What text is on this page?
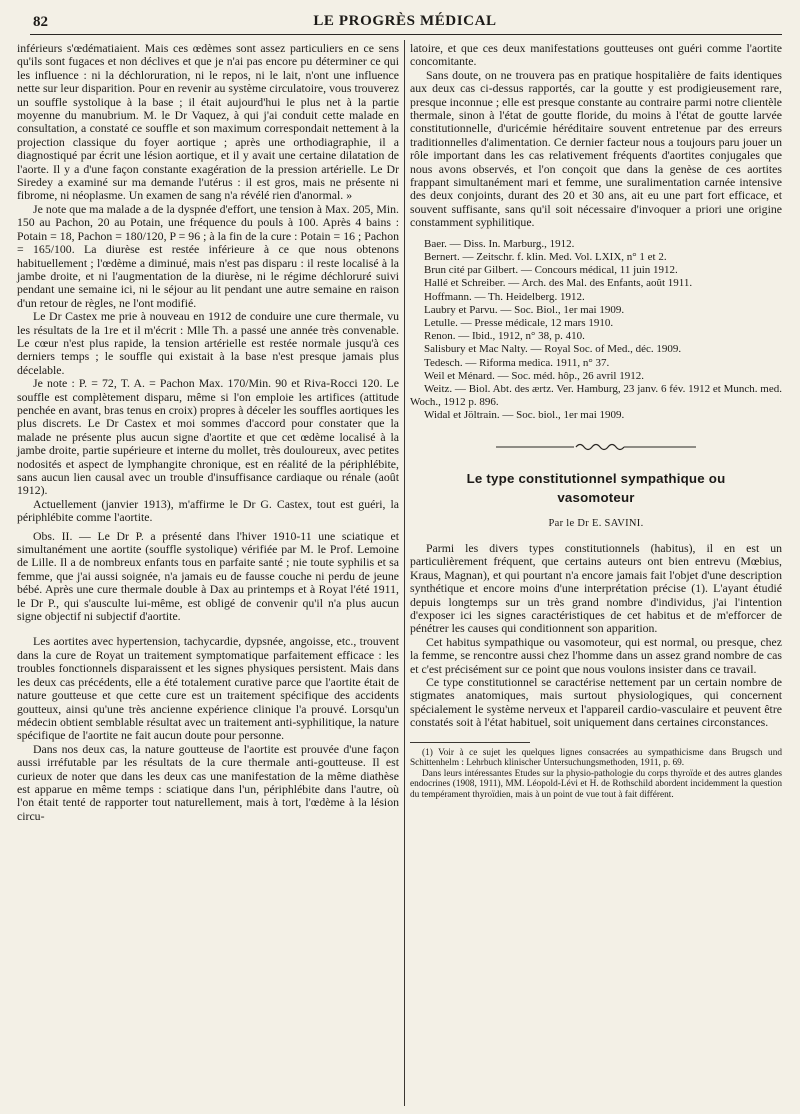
82	LE PROGRÈS MÉDICAL

inférieurs s'œdématiaient. Mais ces œdèmes sont assez particuliers en ce sens qu'ils sont fugaces et non déclives et que je n'ai pas encore pu déterminer ce qui les influence : ni la déchloruration, ni le repos, ni le lait, n'ont une influence nette sur leur disparition. Pour en revenir au système circulatoire, vous trouverez un souffle systolique à la base ; il était aujourd'hui le plus net à la partie moyenne du manubrium. M. le Dr Vaquez, à qui j'ai conduit cette malade en consultation, a constaté ce souffle et son maximum correspondait nettement à la projection classique du foyer aortique ; après une orthodiagraphie, il a diagnostiqué par écrit une lésion aortique, et il y avait une certaine dilatation de l'aorte. Il y a d'une façon constante exagération de la pression artérielle. Le Dr Siredey a examiné sur ma demande l'utérus : il est gros, mais ne présente ni fibrome, ni néoplasme. Un examen de sang n'a révélé rien d'anormal. »

Je note que ma malade a de la dyspnée d'effort, une tension à Max. 205, Min. 150 au Pachon, 20 au Potain, une fréquence du pouls à 100. Après 4 bains : Potain = 18, Pachon = 180/120, P = 96 ; à la fin de la cure : Potain = 16 ; Pachon = 165/100. La diurèse est restée inférieure à ce que nous obtenons habituellement ; l'œdème a diminué, mais n'est pas disparu : il reste localisé à la jambe droite, et ni l'augmentation de la diurèse, ni le régime déchloruré suivi pendant une semaine ici, ni le séjour au lit pendant une autre semaine en raison d'un retour de règles, ne l'ont modifié.

Le Dr Castex me prie à nouveau en 1912 de conduire une cure thermale, vu les résultats de la 1re et il m'écrit : Mlle Th. a passé une année très convenable. Le cœur n'est plus rapide, la tension artérielle est restée normale jusqu'à ces derniers temps ; le souffle qui existait à la base n'est presque jamais plus décelable.

Je note : P. = 72, T. A. = Pachon Max. 170/Min. 90 et Riva-Rocci 120. Le souffle est complètement disparu, même si l'on emploie les artifices (attitude penchée en avant, bras tenus en croix) propres à déceler les souffles aortiques les plus discrets. Le Dr Castex et moi sommes d'accord pour constater que la malade ne présente plus aucun signe d'aortite et que cet œdème localisé à la jambe droite, partie supérieure et interne du mollet, très douloureux, avec petites nodosités et aspect de lymphangite chronique, est en réalité de la périphlébite, sans aucun lien causal avec un trouble d'insuffisance cardiaque ou rénale (août 1912).

Actuellement (janvier 1913), m'affirme le Dr G. Castex, tout est guéri, la périphlébite comme l'aortite.

Obs. II. — Le Dr P. a présenté dans l'hiver 1910-11 une sciatique et simultanément une aortite (souffle systolique) vérifiée par M. le Prof. Lemoine de Lille. Il a de nombreux enfants tous en parfaite santé ; nie toute syphilis et sa femme, que j'ai aussi soignée, n'a jamais eu de fausse couche ni perdu de jeune bébé. Après une cure thermale double à Dax au printemps et à Royat l'été 1911, le Dr P., qui s'ausculte lui-même, est obligé de convenir qu'il n'a plus aucun signe objectif ni subjectif d'aortite.

Les aortites avec hypertension, tachycardie, dypsnée, angoisse, etc., trouvent dans la cure de Royat un traitement symptomatique parfaitement efficace : les troubles fonctionnels disparaissent et les signes physiques persistent. Mais dans les deux cas précédents, elle a été totalement curative parce que l'aortite était de nature goutteuse et que cette cure est un traitement spécifique des accidents goutteux, ainsi qu'une très ancienne expérience clinique l'a prouvé. Lorsqu'un médecin obtient semblable résultat avec un traitement anti-syphilitique, la nature spécifique de l'aortite ne fait aucun doute pour personne.

Dans nos deux cas, la nature goutteuse de l'aortite est prouvée d'une façon aussi irréfutable par les résultats de la cure thermale anti-goutteuse. Il est curieux de noter que dans les deux cas une manifestation de la même diathèse est apparue en même temps : sciatique dans l'un, périphlébite dans l'autre, où l'on était tenté de rapporter tout naturellement, mais à tort, l'œdème à la lésion circu-

latoire, et que ces deux manifestations goutteuses ont guéri comme l'aortite concomitante.

Sans doute, on ne trouvera pas en pratique hospitalière de faits identiques aux deux cas ci-dessus rapportés, car la goutte y est prodigieusement rare, presque inconnue ; elle est presque constante au contraire parmi notre clientèle thermale, sinon à l'état de goutte floride, du moins à l'état de goutte larvée constitutionnelle, d'uricémie héréditaire souvent entretenue par des erreurs traditionnelles d'alimentation. Ce dernier facteur nous a toujours paru jouer un rôle important dans les cas relativement fréquents d'aortites conjugales que nous avons observés, et l'on conçoit que dans la genèse de ces aortites frappant simultanément mari et femme, une suralimentation carnée intensive des deux conjoints, durant des 20 et 30 ans, ait eu une part fort efficace, et souvent suffisante, sans qu'il soit nécessaire d'invoquer a priori une origine constamment syphilitique.

Baer. — Diss. In. Marburg., 1912.
Bernert. — Zeitschr. f. klin. Med. Vol. LXIX, n° 1 et 2.
Brun cité par Gilbert. — Concours médical, 11 juin 1912.
Hallé et Schreiber. — Arch. des Mal. des Enfants, août 1911.
Hoffmann. — Th. Heidelberg. 1912.
Laubry et Parvu. — Soc. Biol., 1er mai 1909.
Letulle. — Presse médicale, 12 mars 1910.
Renon. — Ibid., 1912, n° 38, p. 410.
Salisbury et Mac Nalty. — Royal Soc. of Med., déc. 1909.
Tedesch. — Riforma medica. 1911, n° 37.
Weil et Ménard. — Soc. méd. hôp., 26 avril 1912.
Weitz. — Biol. Abt. des ærtz. Ver. Hamburg, 23 janv. 6 fév. 1912 et Munch. med. Woch., 1912 p. 896.
Widal et Jöltrain. — Soc. biol., 1er mai 1909.
Le type constitutionnel sympathique ou
vasomoteur
Par le Dr E. SAVINI.

Parmi les divers types constitutionnels (habitus), il en est un particulièrement fréquent, que certains auteurs ont bien entrevu (Mœbius, Kraus, Magnan), et qui pourtant n'a encore jamais fait l'objet d'une description synthétique et encore moins d'une interprétation précise (1). L'ayant étudié depuis longtemps sur un très grand nombre d'individus, j'ai l'intention d'exposer ici les signes caractéristiques de cet habitus et de m'efforcer de pénétrer les causes qui conditionnent son apparition.

Cet habitus sympathique ou vasomoteur, qui est normal, ou presque, chez la femme, se rencontre aussi chez l'homme dans un assez grand nombre de cas et c'est précisément sur ce point que nous voulons insister dans ce travail.

Ce type constitutionnel se caractérise nettement par un certain nombre de stigmates anatomiques, mais surtout physiologiques, qui concernent spécialement le système nerveux et l'appareil cardio-vasculaire et peuvent être constatés soit à l'état habituel, soit uniquement dans certaines circonstances.

(1) Voir à ce sujet les quelques lignes consacrées au sympathicisme dans Brugsch und Schittenhelm : Lehrbuch klinischer Untersuchungsmethoden, 1911, p. 69.
Dans leurs intéressantes Etudes sur la physio-pathologie du corps thyroïde et des autres glandes endocrines (1908, 1911), MM. Léopold-Lévi et H. de Rothschild abordent incidemment la question du tempérament thyroïdien, mais à un point de vue tout à fait différent.
